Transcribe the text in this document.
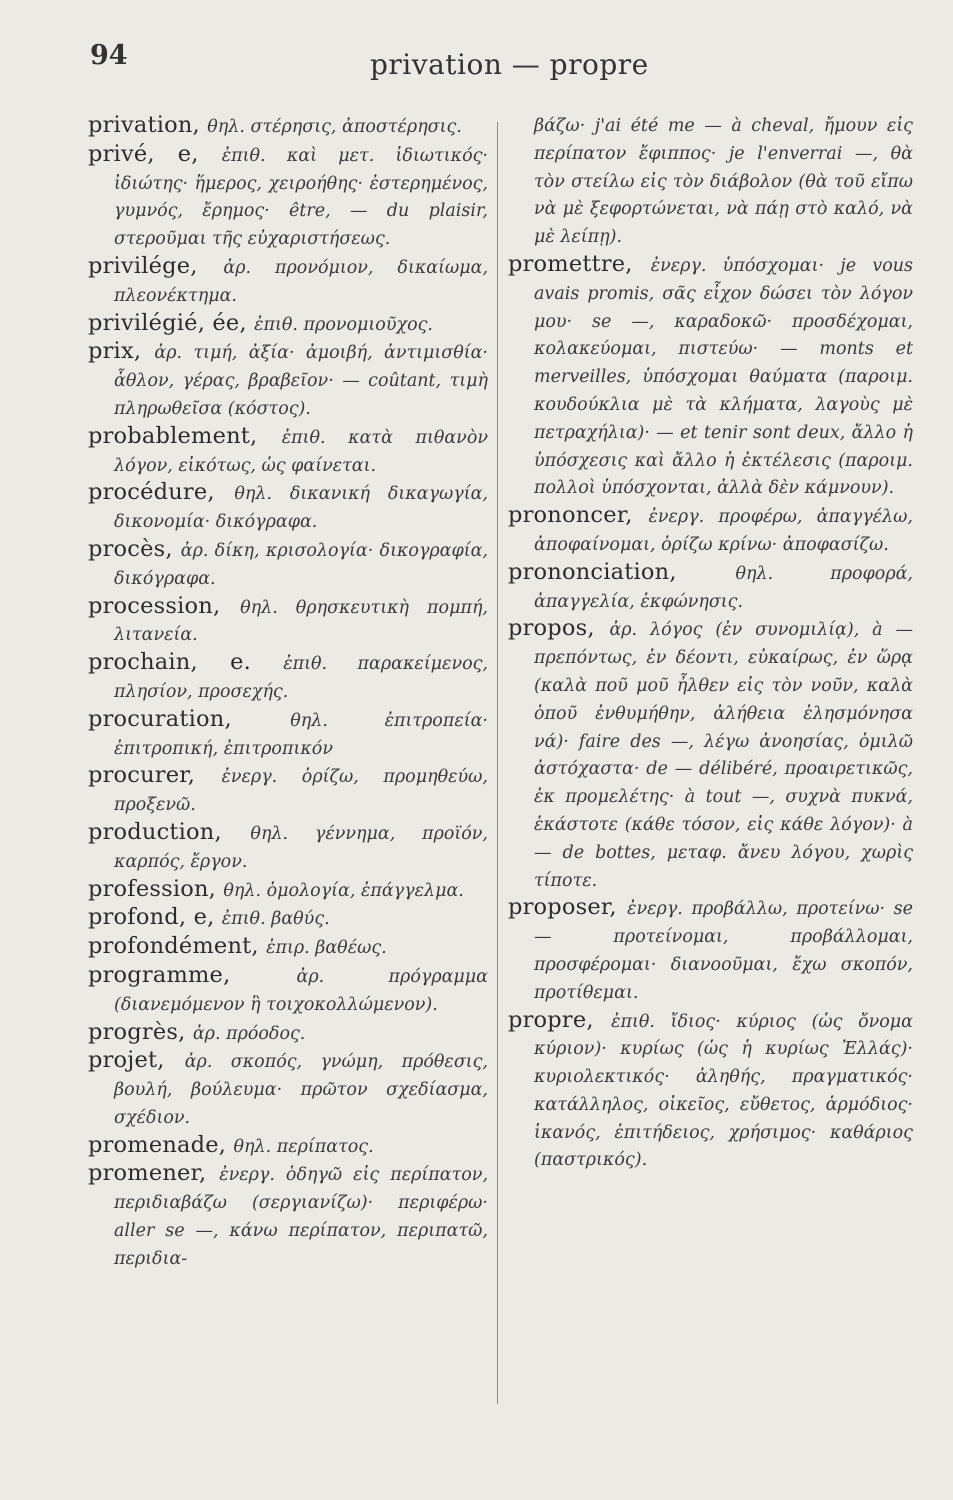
94	privation — propre

privation, θηλ. στέρησις, ἀποστέρησις.

privé, e, ἐπιθ. καὶ μετ. ἰδιωτικός· ἰδιώτης· ἥμερος, χειροήθης· ἐστερημένος, γυμνός, ἔρημος· être, — du plaisir, στεροῦμαι τῆς εὐχαριστήσεως.

privilége, ἀρ. προνόμιον, δικαίωμα, πλεονέκτημα.

privilégié, ée, ἐπιθ. προνομιοῦχος.

prix, ἀρ. τιμή, ἀξία· ἀμοιβή, ἀντιμισθία· ἆθλον, γέρας, βραβεῖον· — coûtant, τιμὴ πληρωθεῖσα (κόστος).

probablement, ἐπιθ. κατὰ πιθανὸν λόγον, εἰκότως, ὡς φαίνεται.

procédure, θηλ. δικανική δικαγωγία, δικονομία· δικόγραφα.

procès, ἀρ. δίκη, κρισολογία· δικογραφία, δικόγραφα.

procession, θηλ. θρησκευτικὴ πομπή, λιτανεία.

prochain, e. ἐπιθ. παρακείμενος, πλησίον, προσεχής.

procuration, θηλ. ἐπιτροπεία· ἐπιτροπική, ἐπιτροπικόν

procurer, ἐνεργ. ὁρίζω, προμηθεύω, προξενῶ.

production, θηλ. γέννημα, προϊόν, καρπός, ἔργον.

profession, θηλ. ὁμολογία, ἐπάγγελμα.

profond, e, ἐπιθ. βαθύς.

profondément, ἐπιρ. βαθέως.

programme, ἀρ. πρόγραμμα (διανεμόμενον ἢ τοιχοκολλώμενον).

progrès, ἀρ. πρόοδος.

projet, ἀρ. σκοπός, γνώμη, πρόθεσις, βουλή, βούλευμα· πρῶτον σχεδίασμα, σχέδιον.

promenade, θηλ. περίπατος.

promener, ἐνεργ. ὁδηγῶ εἰς περίπατον, περιδιαβάζω (σεργιανίζω)· περιφέρω· aller se —, κάνω περίπατον, περιπατῶ, περιδια-

βάζω· j'ai été me — à cheval, ἤμουν εἰς περίπατον ἔφιππος· je l'enverrai —, θὰ τὸν στείλω εἰς τὸν διάβολον (θὰ τοῦ εἴπω νὰ μὲ ξεφορτώνεται, νὰ πάῃ στὸ καλό, νὰ μὲ λείπῃ).

promettre, ἐνεργ. ὑπόσχομαι· je vous avais promis, σᾶς εἶχον δώσει τὸν λόγον μου· se —, καραδοκῶ· προσδέχομαι, κολακεύομαι, πιστεύω· — monts et merveilles, ὑπόσχομαι θαύματα (παροιμ. κουδούκλια μὲ τὰ κλήματα, λαγοὺς μὲ πετραχήλια)· — et tenir sont deux, ἄλλο ἡ ὑπόσχεσις καὶ ἄλλο ἡ ἐκτέλεσις (παροιμ. πολλοὶ ὑπόσχονται, ἀλλὰ δὲν κάμνουν).

prononcer, ἐνεργ. προφέρω, ἀπαγγέλω, ἀποφαίνομαι, ὁρίζω κρίνω· ἀποφασίζω.

prononciation, θηλ. προφορά, ἀπαγγελία, ἐκφώνησις.

propos, ἀρ. λόγος (ἐν συνομιλίᾳ), à — πρεπόντως, ἐν δέοντι, εὐκαίρως, ἐν ὥρᾳ (καλὰ ποῦ μοῦ ἦλθεν εἰς τὸν νοῦν, καλὰ ὁποῦ ἐνθυμήθην, ἀλήθεια ἐλησμόνησα νά)· faire des —, λέγω ἀνοησίας, ὁμιλῶ ἀστόχαστα· de — délibéré, προαιρετικῶς, ἐκ προμελέτης· à tout —, συχνὰ πυκνά, ἑκάστοτε (κάθε τόσον, εἰς κάθε λόγον)· à — de bottes, μεταφ. ἄνευ λόγου, χωρὶς τίποτε.

proposer, ἐνεργ. προβάλλω, προτείνω· se — προτείνομαι, προβάλλομαι, προσφέρομαι· διανοοῦμαι, ἔχω σκοπόν, προτίθεμαι.

propre, ἐπιθ. ἴδιος· κύριος (ὡς ὄνομα κύριον)· κυρίως (ὡς ἡ κυρίως Ἑλλάς)· κυριολεκτικός· ἀληθής, πραγματικός· κατάλληλος, οἰκεῖος, εὔθετος, ἁρμόδιος· ἱκανός, ἐπιτήδειος, χρήσιμος· καθάριος (παστρικός).
